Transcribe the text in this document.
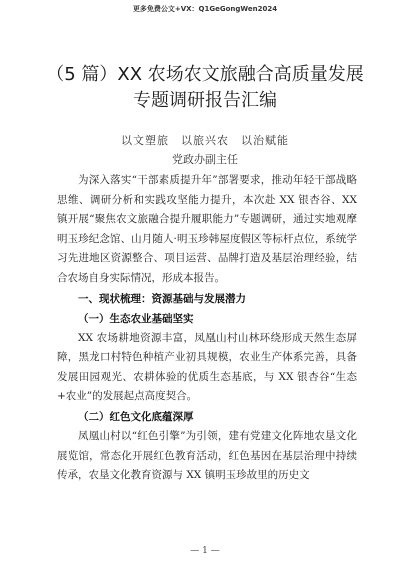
更多免费公文+VX：Q1GeGongWen2024
（5 篇）XX 农场农文旅融合高质量发展
专题调研报告汇编
以文塑旅　以旅兴农　以治赋能
党政办副主任

为深入落实“干部素质提升年”部署要求，推动年轻干部战略思维、调研分析和实践攻坚能力提升，本次赴 XX 银杏谷、XX 镇开展“聚焦农文旅融合提升履职能力”专题调研，通过实地观摩明玉珍纪念馆、山月随人·明玉珍韩屋度假区等标杆点位，系统学习先进地区资源整合、项目运营、品牌打造及基层治理经验，结合农场自身实际情况，形成本报告。

一、现状梳理：资源基础与发展潜力
（一）生态农业基础坚实

XX 农场耕地资源丰富，凤凰山村山林环绕形成天然生态屏障，黑龙口村特色种植产业初具规模，农业生产体系完善，具备发展田园观光、农耕体验的优质生态基底，与 XX 银杏谷“生态+农业”的发展起点高度契合。

（二）红色文化底蕴深厚

凤凰山村以“红色引擎”为引领，建有党建文化阵地农垦文化展览馆，常态化开展红色教育活动，红色基因在基层治理中持续传承，农垦文化教育资源与 XX 镇明玉珍故里的历史文

— 1 —
